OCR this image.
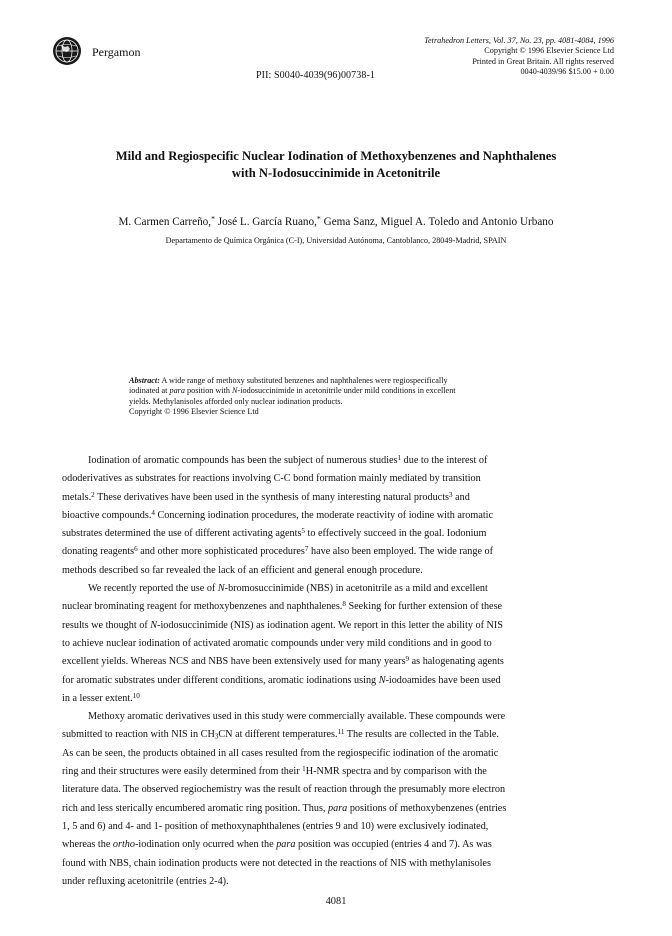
Pergamon
Tetrahedron Letters, Vol. 37, No. 23, pp. 4081-4084, 1996
Copyright © 1996 Elsevier Science Ltd
Printed in Great Britain. All rights reserved
0040-4039/96 $15.00 + 0.00
PII: S0040-4039(96)00738-1
Mild and Regiospecific Nuclear Iodination of Methoxybenzenes and Naphthalenes
with N-Iodosuccinimide in Acetonitrile
M. Carmen Carreño,* José L. García Ruano,* Gema Sanz, Miguel A. Toledo and Antonio Urbano
Departamento de Química Orgánica (C-I), Universidad Autónoma, Cantoblanco, 28049-Madrid, SPAIN
Abstract: A wide range of methoxy substituted benzenes and naphthalenes were regiospecifically
iodinated at para position with N-iodosuccinimide in acetonitrile under mild conditions in excellent
yields. Methylanisoles afforded only nuclear iodination products.
Copyright © 1996 Elsevier Science Ltd

Iodination of aromatic compounds has been the subject of numerous studies$^1$ due to the interest of
ododerivatives as substrates for reactions involving C-C bond formation mainly mediated by transition
metals.$^2$ These derivatives have been used in the synthesis of many interesting natural products$^3$ and
bioactive compounds.$^4$ Concerning iodination procedures, the moderate reactivity of iodine with aromatic
substrates determined the use of different activating agents$^5$ to effectively succeed in the goal. Iodonium
donating reagents$^6$ and other more sophisticated procedures$^7$ have also been employed. The wide range of
methods described so far revealed the lack of an efficient and general enough procedure.

We recently reported the use of N-bromosuccinimide (NBS) in acetonitrile as a mild and excellent
nuclear brominating reagent for methoxybenzenes and naphthalenes.$^8$ Seeking for further extension of these
results we thought of N-iodosuccinimide (NIS) as iodination agent. We report in this letter the ability of NIS
to achieve nuclear iodination of activated aromatic compounds under very mild conditions and in good to
excellent yields. Whereas NCS and NBS have been extensively used for many years$^9$ as halogenating agents
for aromatic substrates under different conditions, aromatic iodinations using N-iodoamides have been used
in a lesser extent.$^{10}$

Methoxy aromatic derivatives used in this study were commercially available. These compounds were
submitted to reaction with NIS in $CH_3CN$ at different temperatures.$^{11}$ The results are collected in the Table.
As can be seen, the products obtained in all cases resulted from the regiospecific iodination of the aromatic
ring and their structures were easily determined from their $^1$H-NMR spectra and by comparison with the
literature data. The observed regiochemistry was the result of reaction through the presumably more electron
rich and less sterically encumbered aromatic ring position. Thus, para positions of methoxybenzenes (entries
1, 5 and 6) and 4- and 1- position of methoxynaphthalenes (entries 9 and 10) were exclusively iodinated,
whereas the ortho-iodination only ocurred when the para position was occupied (entries 4 and 7). As was
found with NBS, chain iodination products were not detected in the reactions of NIS with methylanisoles
under refluxing acetonitrile (entries 2-4).

4081
